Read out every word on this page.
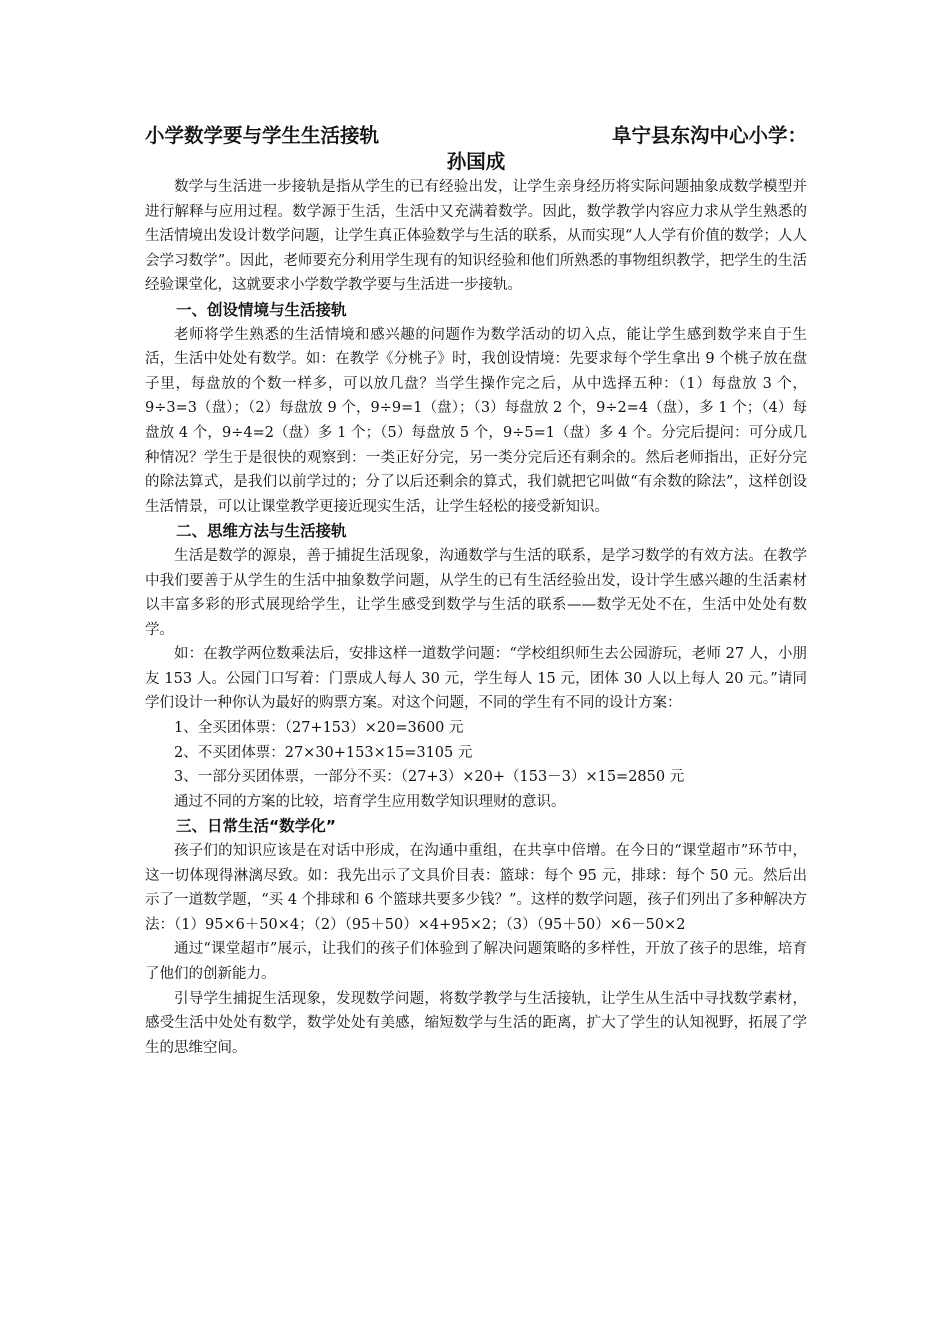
小学数学要与学生生活接轨	阜宁县东沟中心小学：
孙国成

数学与生活进一步接轨是指从学生的已有经验出发，让学生亲身经历将实际问题抽象成数学模型并进行解释与应用过程。数学源于生活，生活中又充满着数学。因此，数学教学内容应力求从学生熟悉的生活情境出发设计数学问题，让学生真正体验数学与生活的联系，从而实现“人人学有价值的数学；人人会学习数学”。因此，老师要充分利用学生现有的知识经验和他们所熟悉的事物组织教学，把学生的生活经验课堂化，这就要求小学数学教学要与生活进一步接轨。

一、创设情境与生活接轨

老师将学生熟悉的生活情境和感兴趣的问题作为数学活动的切入点，能让学生感到数学来自于生活，生活中处处有数学。如：在教学《分桃子》时，我创设情境：先要求每个学生拿出 9 个桃子放在盘子里，每盘放的个数一样多，可以放几盘？当学生操作完之后，从中选择五种：（1）每盘放 3 个，9÷3=3（盘）；（2）每盘放 9 个，9÷9=1（盘）；（3）每盘放 2 个，9÷2=4（盘），多 1 个；（4）每盘放 4 个，9÷4=2（盘）多 1 个；（5）每盘放 5 个，9÷5=1（盘）多 4 个。分完后提问：可分成几种情况？学生于是很快的观察到：一类正好分完，另一类分完后还有剩余的。然后老师指出，正好分完的除法算式，是我们以前学过的；分了以后还剩余的算式，我们就把它叫做“有余数的除法”，这样创设生活情景，可以让课堂教学更接近现实生活，让学生轻松的接受新知识。

二、思维方法与生活接轨

生活是数学的源泉，善于捕捉生活现象，沟通数学与生活的联系，是学习数学的有效方法。在教学中我们要善于从学生的生活中抽象数学问题，从学生的已有生活经验出发，设计学生感兴趣的生活素材以丰富多彩的形式展现给学生，让学生感受到数学与生活的联系——数学无处不在，生活中处处有数学。

如：在教学两位数乘法后，安排这样一道数学问题：“学校组织师生去公园游玩，老师 27 人，小朋友 153 人。公园门口写着：门票成人每人 30 元，学生每人 15 元，团体 30 人以上每人 20 元。”请同学们设计一种你认为最好的购票方案。对这个问题，不同的学生有不同的设计方案：

1、全买团体票：（27+153）×20=3600 元

2、不买团体票：27×30+153×15=3105 元

3、一部分买团体票，一部分不买：（27+3）×20+（153－3）×15=2850 元

通过不同的方案的比较，培育学生应用数学知识理财的意识。

三、日常生活“数学化”

孩子们的知识应该是在对话中形成，在沟通中重组，在共享中倍增。在今日的“课堂超市”环节中，这一切体现得淋漓尽致。如：我先出示了文具价目表：篮球：每个 95 元，排球：每个 50 元。然后出示了一道数学题，“买 4 个排球和 6 个篮球共要多少钱？”。这样的数学问题，孩子们列出了多种解决方法：（1）95×6＋50×4；（2）（95＋50）×4+95×2；（3）（95＋50）×6－50×2

通过“课堂超市”展示，让我们的孩子们体验到了解决问题策略的多样性，开放了孩子的思维，培育了他们的创新能力。

引导学生捕捉生活现象，发现数学问题，将数学教学与生活接轨，让学生从生活中寻找数学素材，感受生活中处处有数学，数学处处有美感，缩短数学与生活的距离，扩大了学生的认知视野，拓展了学生的思维空间。
